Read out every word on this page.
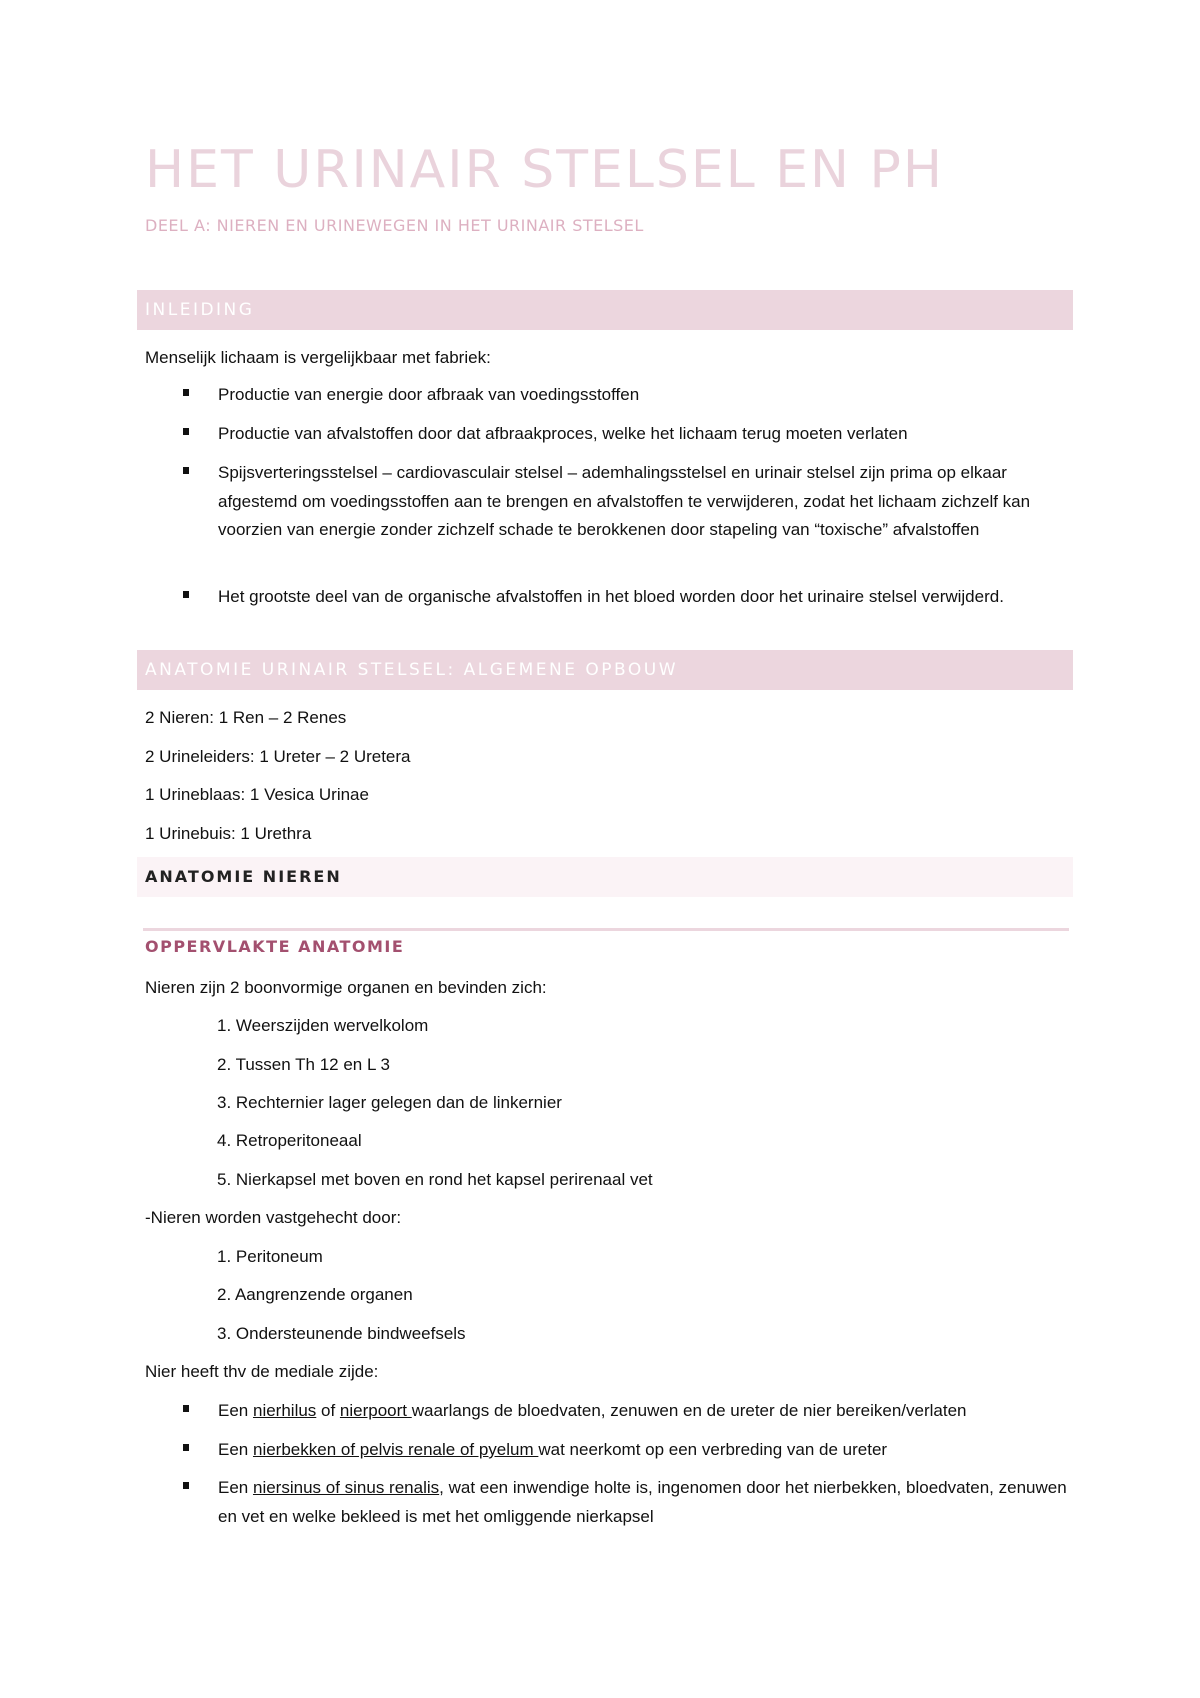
HET URINAIR STELSEL EN PH
DEEL A: NIEREN EN URINEWEGEN IN HET URINAIR STELSEL
INLEIDING

Menselijk lichaam is vergelijkbaar met fabriek:

Productie van energie door afbraak van voedingsstoffen

Productie van afvalstoffen door dat afbraakproces, welke het lichaam terug moeten verlaten

Spijsverteringsstelsel – cardiovasculair stelsel – ademhalingsstelsel en urinair stelsel zijn prima op elkaar afgestemd om voedingsstoffen aan te brengen en afvalstoffen te verwijderen, zodat het lichaam zichzelf kan voorzien van energie zonder zichzelf schade te berokkenen door stapeling van “toxische” afvalstoffen

Het grootste deel van de organische afvalstoffen in het bloed worden door het urinaire stelsel verwijderd.

ANATOMIE URINAIR STELSEL: ALGEMENE OPBOUW

2 Nieren: 1 Ren – 2 Renes

2 Urineleiders: 1 Ureter – 2 Uretera

1 Urineblaas: 1 Vesica Urinae

1 Urinebuis: 1 Urethra

ANATOMIE NIEREN
OPPERVLAKTE ANATOMIE

Nieren zijn 2 boonvormige organen en bevinden zich:

1. Weerszijden wervelkolom

2. Tussen Th 12 en L 3

3. Rechternier lager gelegen dan de linkernier

4. Retroperitoneaal

5. Nierkapsel met boven en rond het kapsel perirenaal vet

-Nieren worden vastgehecht door:

1. Peritoneum

2. Aangrenzende organen

3. Ondersteunende bindweefsels

Nier heeft thv de mediale zijde:

Een nierhilus of nierpoort waarlangs de bloedvaten, zenuwen en de ureter de nier bereiken/verlaten

Een nierbekken of pelvis renale of pyelum wat neerkomt op een verbreding van de ureter

Een niersinus of sinus renalis, wat een inwendige holte is, ingenomen door het nierbekken, bloedvaten, zenuwen en vet en welke bekleed is met het omliggende nierkapsel
